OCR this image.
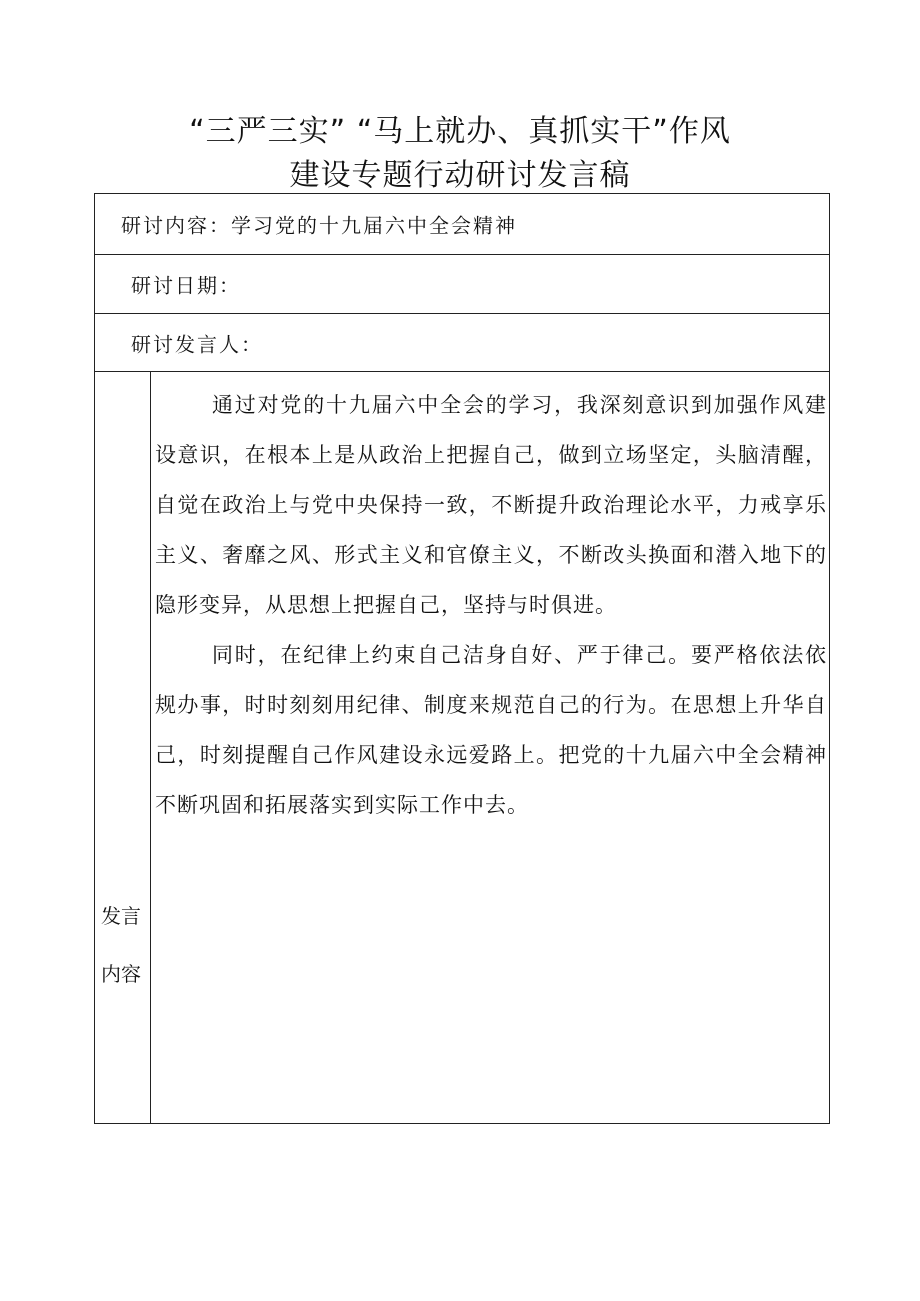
“三严三实” “马上就办、真抓实干”作风
建设专题行动研讨发言稿
研讨内容：学习党的十九届六中全会精神
研讨日期：
研讨发言人：
发言内容

通过对党的十九届六中全会的学习，我深刻意识到加强作风建设意识，在根本上是从政治上把握自己，做到立场坚定，头脑清醒，自觉在政治上与党中央保持一致，不断提升政治理论水平，力戒享乐主义、奢靡之风、形式主义和官僚主义，不断改头换面和潜入地下的隐形变异，从思想上把握自己，坚持与时俱进。

同时，在纪律上约束自己洁身自好、严于律己。要严格依法依规办事，时时刻刻用纪律、制度来规范自己的行为。在思想上升华自己，时刻提醒自己作风建设永远爱路上。把党的十九届六中全会精神不断巩固和拓展落实到实际工作中去。
